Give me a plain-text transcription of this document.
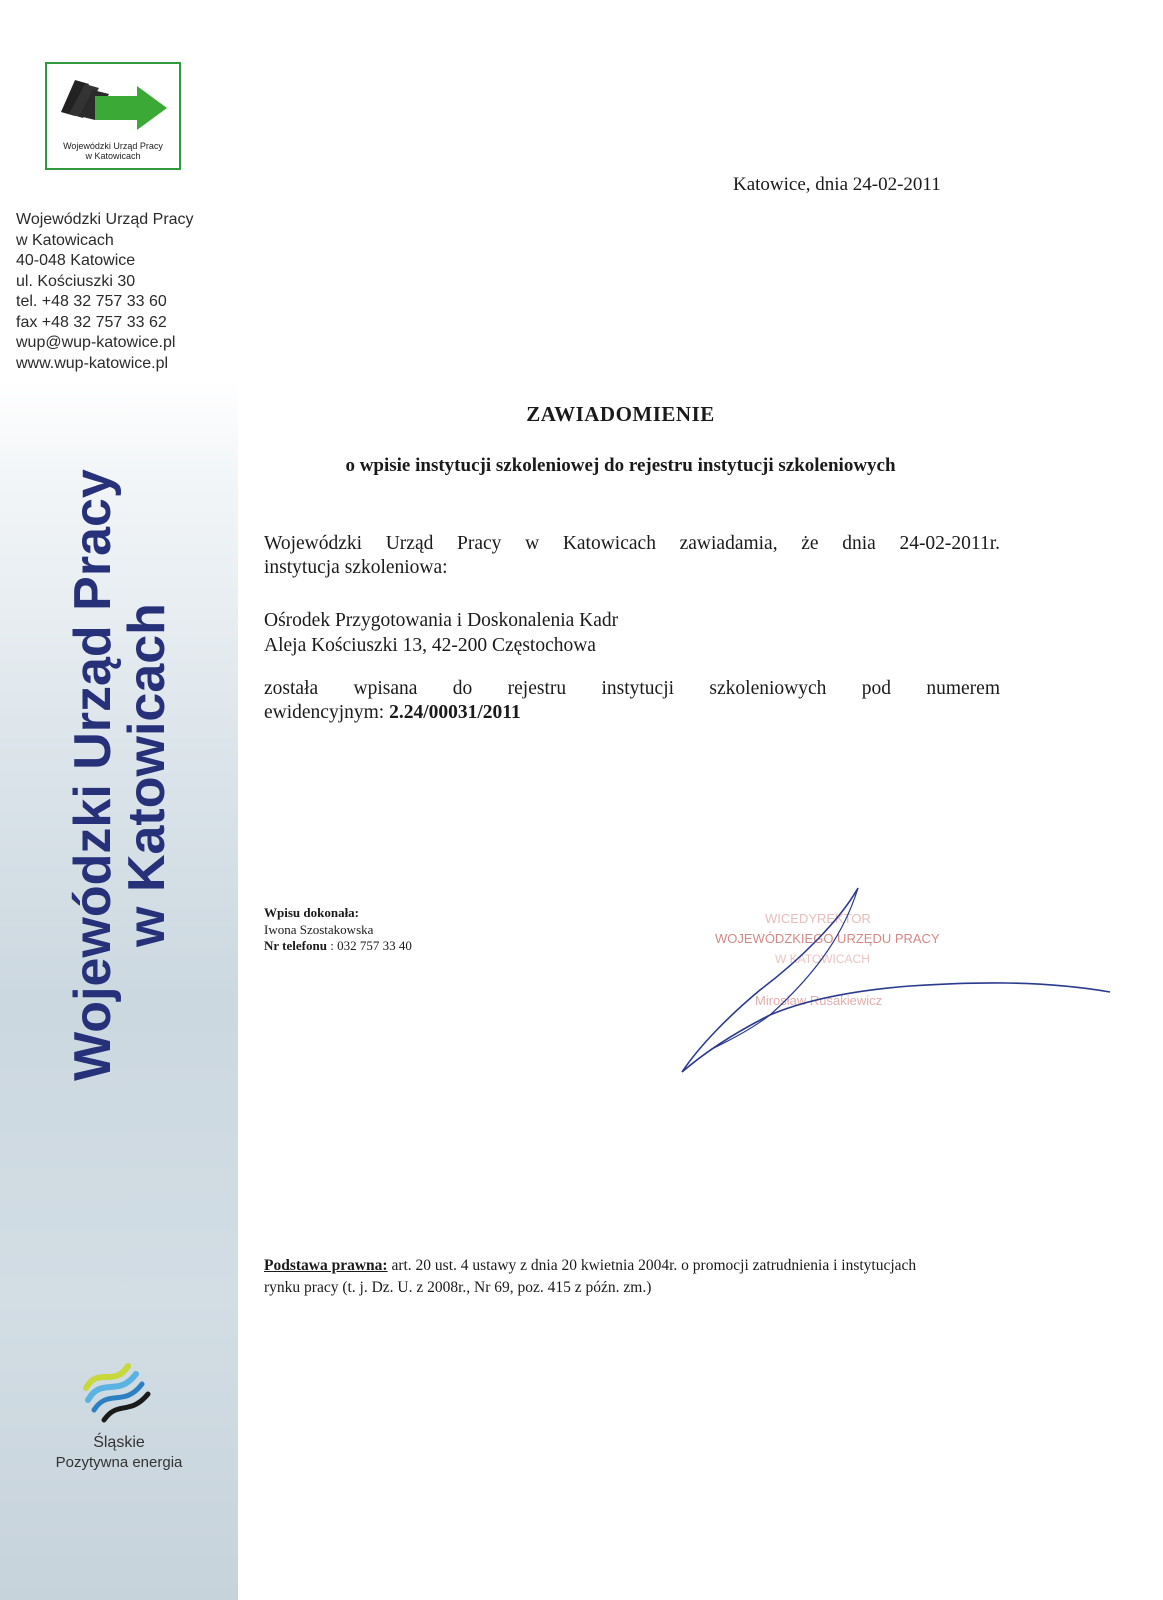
Wojewódzki Urząd Pracy
w Katowicach
Wojewódzki Urząd Pracy
w Katowicach
40-048 Katowice
ul. Kościuszki 30
tel. +48 32 757 33 60
fax +48 32 757 33 62
wup@wup-katowice.pl
www.wup-katowice.pl
Wojewódzki Urząd Pracy
w Katowicach
Śląskie
Pozytywna energia
Katowice, dnia 24-02-2011
ZAWIADOMIENIE
o wpisie instytucji szkoleniowej do rejestru instytucji szkoleniowych
Wojewódzki Urząd Pracy w Katowicach zawiadamia, że dnia 24-02-2011r.
instytucja szkoleniowa:
Ośrodek Przygotowania i Doskonalenia Kadr
Aleja Kościuszki 13, 42-200 Częstochowa
została wpisana do rejestru instytucji szkoleniowych pod numerem
ewidencyjnym: 2.24/00031/2011
Wpisu dokonała:
Iwona Szostakowska
Nr telefonu : 032 757 33 40
WICEDYREKTOR
WOJEWÓDZKIEGO URZĘDU PRACY
W KATOWICACH
Mirosław Rusakiewicz
Podstawa prawna: art. 20 ust. 4 ustawy z dnia 20 kwietnia 2004r. o promocji zatrudnienia i instytucjach
rynku pracy (t. j. Dz. U. z 2008r., Nr 69, poz. 415 z późn. zm.)
